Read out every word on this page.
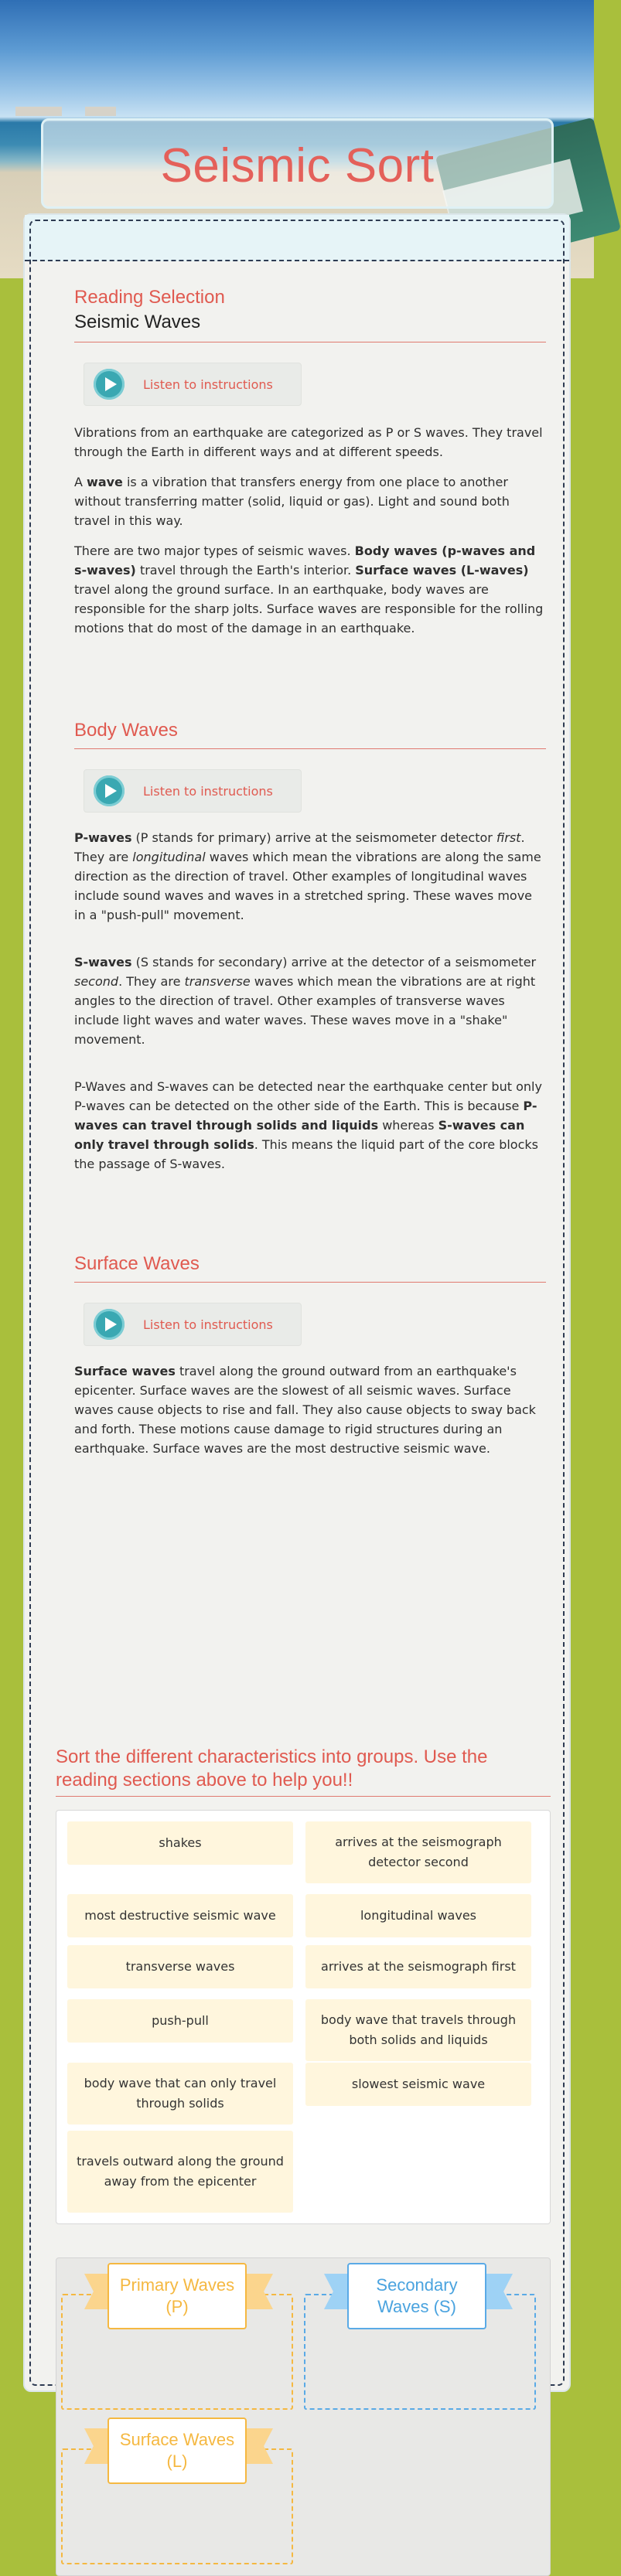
Seismic Sort
Reading Selection
Seismic Waves
Listen to instructions

Vibrations from an earthquake are categorized as P or S waves. They travel through the Earth in different ways and at different speeds.

A wave is a vibration that transfers energy from one place to another without transferring matter (solid, liquid or gas). Light and sound both travel in this way.

There are two major types of seismic waves. Body waves (p-waves and s-waves) travel through the Earth's interior. Surface waves (L-waves) travel along the ground surface. In an earthquake, body waves are responsible for the sharp jolts. Surface waves are responsible for the rolling motions that do most of the damage in an earthquake.

Body Waves
Listen to instructions

P-waves (P stands for primary) arrive at the seismometer detector first. They are longitudinal waves which mean the vibrations are along the same direction as the direction of travel. Other examples of longitudinal waves include sound waves and waves in a stretched spring. These waves move in a "push-pull" movement.

S-waves (S stands for secondary) arrive at the detector of a seismometer second. They are transverse waves which mean the vibrations are at right angles to the direction of travel. Other examples of transverse waves include light waves and water waves. These waves move in a "shake" movement.

P-Waves and S-waves can be detected near the earthquake center but only P-waves can be detected on the other side of the Earth. This is because P-waves can travel through solids and liquids whereas S-waves can only travel through solids. This means the liquid part of the core blocks the passage of S-waves.

Surface Waves
Listen to instructions

Surface waves travel along the ground outward from an earthquake's epicenter. Surface waves are the slowest of all seismic waves. Surface waves cause objects to rise and fall. They also cause objects to sway back and forth. These motions cause damage to rigid structures during an earthquake. Surface waves are the most destructive seismic wave.

Sort the different characteristics into groups. Use the reading sections above to help you!!
shakes	arrives at the seismograph detector second
most destructive seismic wave	longitudinal waves
transverse waves	arrives at the seismograph first
push-pull	body wave that travels through both solids and liquids
body wave that can only travel through solids
slowest seismic wave
travels outward along the ground away from the epicenter
Primary Waves (P)
Secondary Waves (S)
Surface Waves (L)
